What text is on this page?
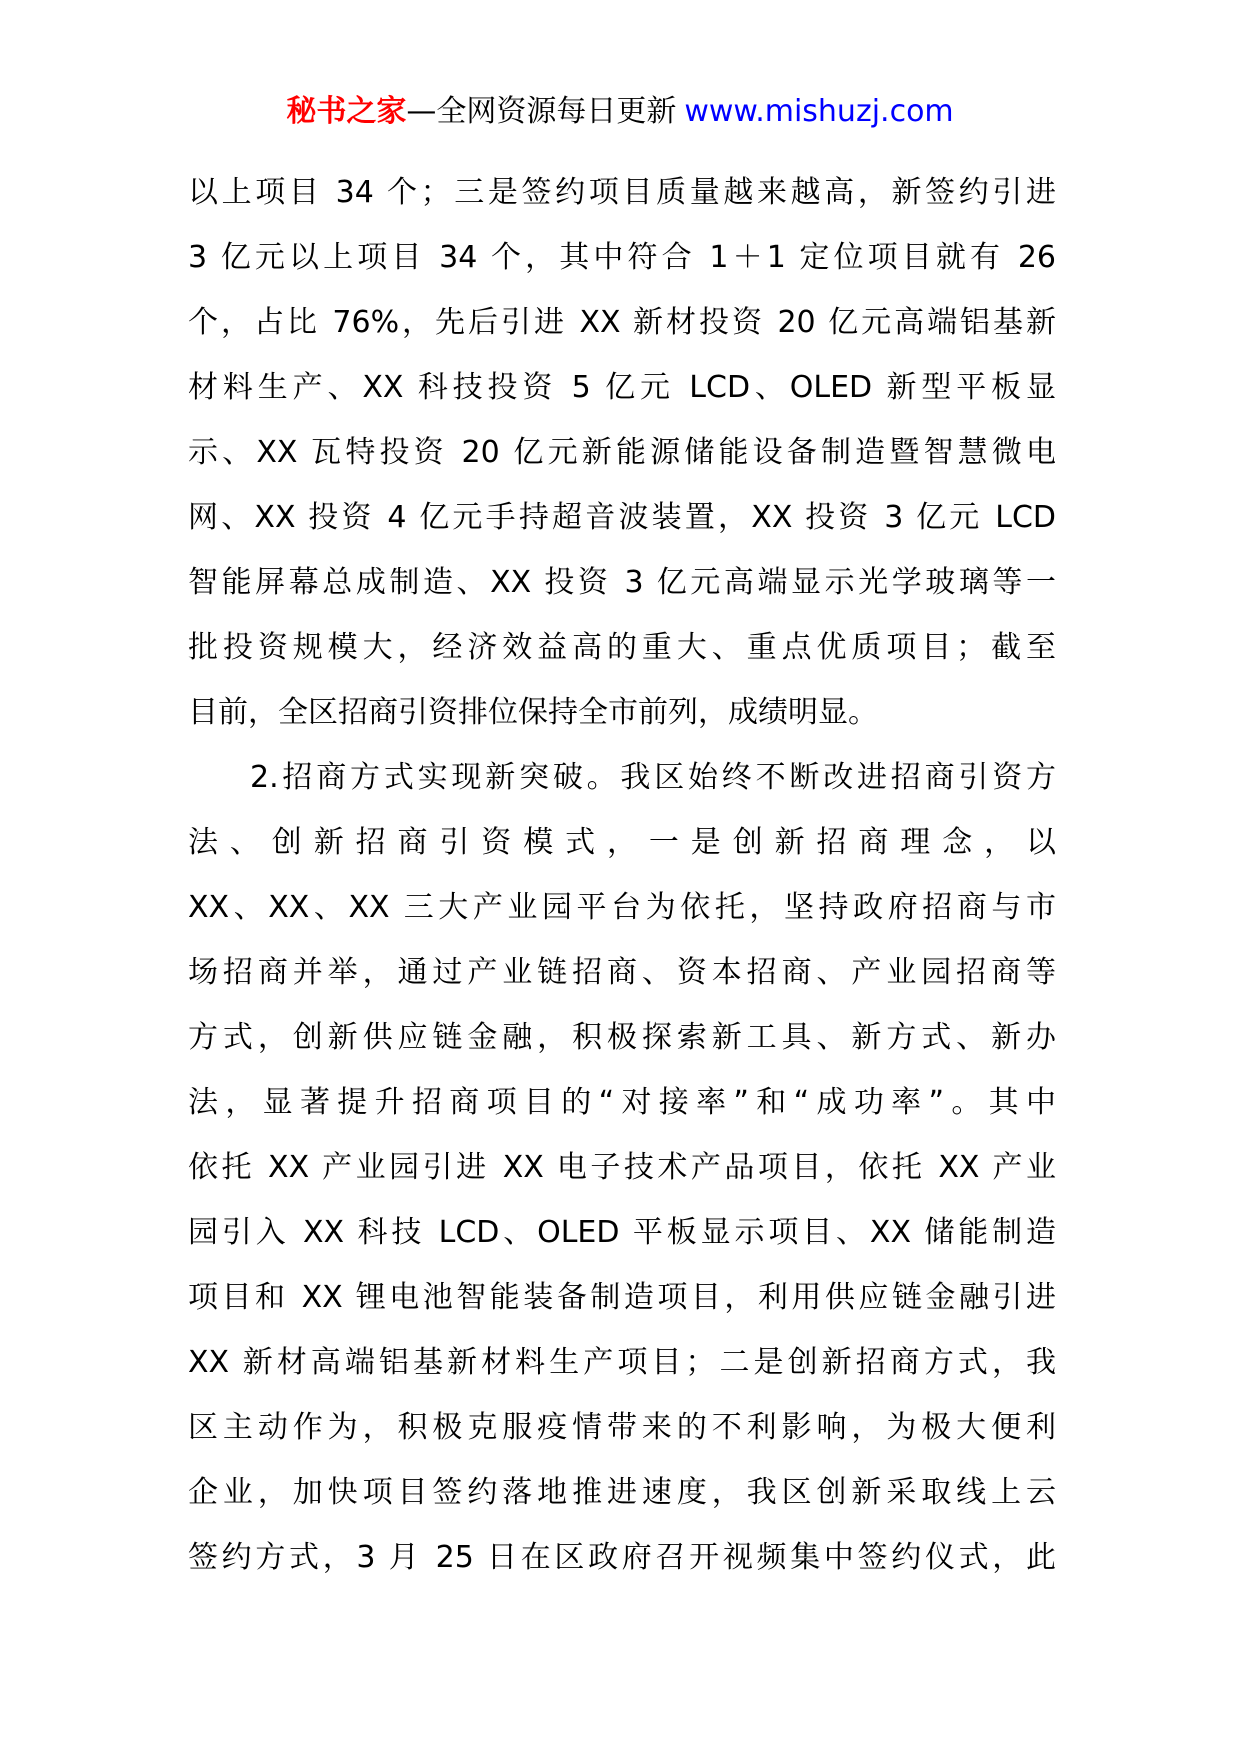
秘书之家—全网资源每日更新 www.mishuzj.com
以上项目 34 个；三是签约项目质量越来越高，新签约引进
3 亿元以上项目 34 个，其中符合 1＋1 定位项目就有 26
个，占比 76%，先后引进 XX 新材投资 20 亿元高端铝基新
材料生产、XX 科技投资 5 亿元 LCD、OLED 新型平板显
示、XX 瓦特投资 20 亿元新能源储能设备制造暨智慧微电
网、XX 投资 4 亿元手持超音波装置，XX 投资 3 亿元 LCD
智能屏幕总成制造、XX 投资 3 亿元高端显示光学玻璃等一
批投资规模大，经济效益高的重大、重点优质项目；截至
目前，全区招商引资排位保持全市前列，成绩明显。
2.招商方式实现新突破。我区始终不断改进招商引资方
法、创新招商引资模式，一是创新招商理念，以
XX、XX、XX 三大产业园平台为依托，坚持政府招商与市
场招商并举，通过产业链招商、资本招商、产业园招商等
方式，创新供应链金融，积极探索新工具、新方式、新办
法，显著提升招商项目的“对接率”和“成功率”。其中
依托 XX 产业园引进 XX 电子技术产品项目，依托 XX 产业
园引入 XX 科技 LCD、OLED 平板显示项目、XX 储能制造
项目和 XX 锂电池智能装备制造项目，利用供应链金融引进
XX 新材高端铝基新材料生产项目；二是创新招商方式，我
区主动作为，积极克服疫情带来的不利影响，为极大便利
企业，加快项目签约落地推进速度，我区创新采取线上云
签约方式，3 月 25 日在区政府召开视频集中签约仪式，此
